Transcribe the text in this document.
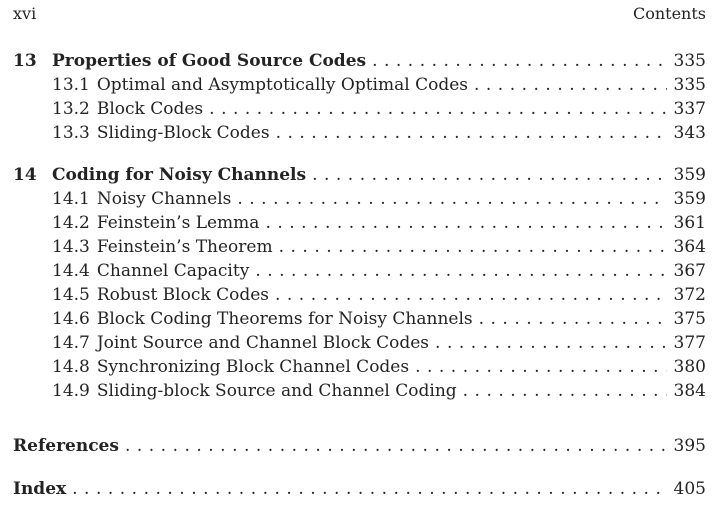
xvi	Contents
13 Properties of Good Source Codes .....	335
13.1 Optimal and Asymptotically Optimal Codes .....	335
13.2 Block Codes .....	337
13.3 Sliding-Block Codes .....	343
14 Coding for Noisy Channels .....	359
14.1 Noisy Channels .....	359
14.2 Feinstein’s Lemma .....	361
14.3 Feinstein’s Theorem .....	364
14.4 Channel Capacity .....	367
14.5 Robust Block Codes .....	372
14.6 Block Coding Theorems for Noisy Channels .....	375
14.7 Joint Source and Channel Block Codes .....	377
14.8 Synchronizing Block Channel Codes .....	380
14.9 Sliding-block Source and Channel Coding .....	384
References .....	395
Index .....	405
